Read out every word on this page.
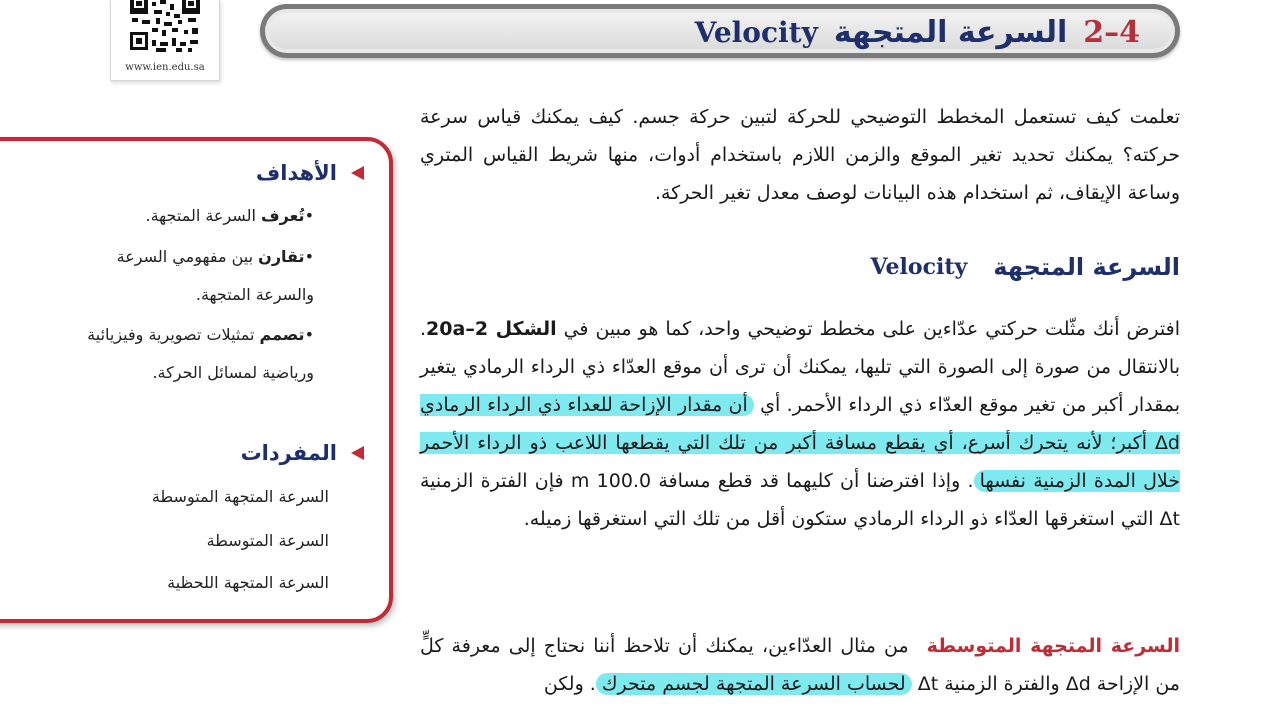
www.ien.edu.sa
2–4
السرعة المتجهة
Velocity
الأهداف
•تُعرف السرعة المتجهة.
•تقارن بين مفهومي السرعة والسرعة المتجهة.
•تصمم تمثيلات تصويرية وفيزيائية ورياضية لمسائل الحركة.
المفردات
السرعة المتجهة المتوسطة
السرعة المتوسطة
السرعة المتجهة اللحظية
تعلمت كيف تستعمل المخطط التوضيحي للحركة لتبين حركة جسم. كيف يمكنك قياس سرعة حركته؟ يمكنك تحديد تغير الموقع والزمن اللازم باستخدام أدوات، منها شريط القياس المتري وساعة الإيقاف، ثم استخدام هذه البيانات لوصف معدل تغير الحركة.
السرعة المتجهة
Velocity
افترض أنك مثّلت حركتي عدّاءين على مخطط توضيحي واحد، كما هو مبين في الشكل 2–20a. بالانتقال من صورة إلى الصورة التي تليها، يمكنك أن ترى أن موقع العدّاء ذي الرداء الرمادي يتغير بمقدار أكبر من تغير موقع العدّاء ذي الرداء الأحمر. أي أن مقدار الإزاحة للعداء ذي الرداء الرمادي Δd أكبر؛ لأنه يتحرك أسرع، أي يقطع مسافة أكبر من تلك التي يقطعها اللاعب ذو الرداء الأحمر خلال المدة الزمنية نفسها. وإذا افترضنا أن كليهما قد قطع مسافة 100.0 m فإن الفترة الزمنية Δt التي استغرقها العدّاء ذو الرداء الرمادي ستكون أقل من تلك التي استغرقها زميله.
السرعة المتجهة المتوسطةمن مثال العدّاءين، يمكنك أن تلاحظ أننا نحتاج إلى معرفة كلٍّ من الإزاحة Δd والفترة الزمنية Δt لحساب السرعة المتجهة لجسم متحرك. ولكن
